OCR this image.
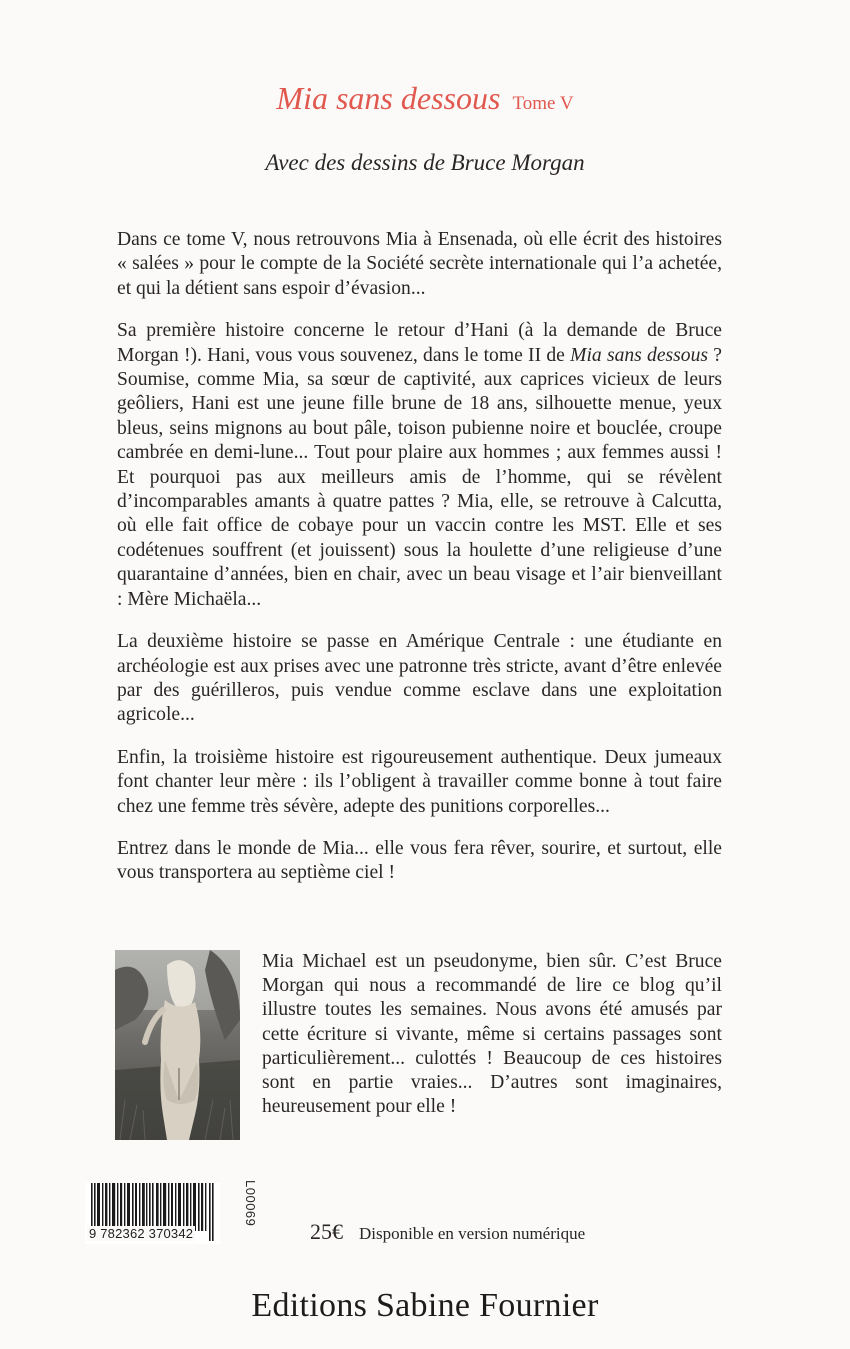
Mia sans dessous Tome V
Avec des dessins de Bruce Morgan

Dans ce tome V, nous retrouvons Mia à Ensenada, où elle écrit des histoires « salées » pour le compte de la Société secrète internationale qui l’a achetée, et qui la détient sans espoir d’évasion...

Sa première histoire concerne le retour d’Hani (à la demande de Bruce Morgan !). Hani, vous vous souvenez, dans le tome II de Mia sans dessous ? Soumise, comme Mia, sa sœur de captivité, aux caprices vicieux de leurs geôliers, Hani est une jeune fille brune de 18 ans, silhouette menue, yeux bleus, seins mignons au bout pâle, toison pubienne noire et bouclée, croupe cambrée en demi-lune... Tout pour plaire aux hommes ; aux femmes aussi ! Et pourquoi pas aux meilleurs amis de l’homme, qui se révèlent d’incomparables amants à quatre pattes ? Mia, elle, se retrouve à Calcutta, où elle fait office de cobaye pour un vaccin contre les MST. Elle et ses codétenues souffrent (et jouissent) sous la houlette d’une religieuse d’une quarantaine d’années, bien en chair, avec un beau visage et l’air bienveillant : Mère Michaëla...

La deuxième histoire se passe en Amérique Centrale : une étudiante en archéologie est aux prises avec une patronne très stricte, avant d’être enlevée par des guérilleros, puis vendue comme esclave dans une exploitation agricole...

Enfin, la troisième histoire est rigoureusement authentique. Deux jumeaux font chanter leur mère : ils l’obligent à travailler comme bonne à tout faire chez une femme très sévère, adepte des punitions corporelles...

Entrez dans le monde de Mia... elle vous fera rêver, sourire, et surtout, elle vous transportera au septième ciel !

Mia Michael est un pseudonyme, bien sûr. C’est Bruce Morgan qui nous a recommandé de lire ce blog qu’il illustre toutes les semaines. Nous avons été amusés par cette écriture si vivante, même si certains passages sont particulièrement... culottés ! Beaucoup de ces histoires sont en partie vraies... D’autres sont imaginaires, heureusement pour elle !
9 782362 370342
L00069
25€ Disponible en version numérique
Editions Sabine Fournier
